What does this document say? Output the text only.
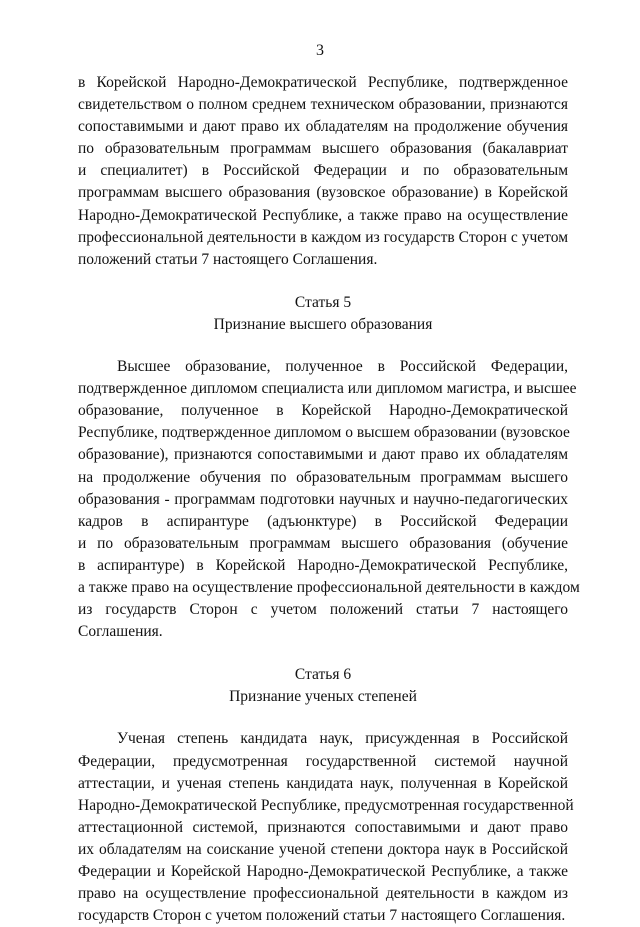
3
в Корейской Народно-Демократической Республике, подтвержденное
свидетельством о полном среднем техническом образовании, признаются
сопоставимыми и дают право их обладателям на продолжение обучения
по образовательным программам высшего образования (бакалавриат
и специалитет) в Российской Федерации и по образовательным
программам высшего образования (вузовское образование) в Корейской
Народно-Демократической Республике, а также право на осуществление
профессиональной деятельности в каждом из государств Сторон с учетом
положений статьи 7 настоящего Соглашения.
Статья 5
Признание высшего образования
Высшее образование, полученное в Российской Федерации,
подтвержденное дипломом специалиста или дипломом магистра, и высшее
образование, полученное в Корейской Народно-Демократической
Республике, подтвержденное дипломом о высшем образовании (вузовское
образование), признаются сопоставимыми и дают право их обладателям
на продолжение обучения по образовательным программам высшего
образования - программам подготовки научных и научно-педагогических
кадров в аспирантуре (адъюнктуре) в Российской Федерации
и по образовательным программам высшего образования (обучение
в аспирантуре) в Корейской Народно-Демократической Республике,
а также право на осуществление профессиональной деятельности в каждом
из государств Сторон с учетом положений статьи 7 настоящего
Соглашения.
Статья 6
Признание ученых степеней
Ученая степень кандидата наук, присужденная в Российской
Федерации, предусмотренная государственной системой научной
аттестации, и ученая степень кандидата наук, полученная в Корейской
Народно-Демократической Республике, предусмотренная государственной
аттестационной системой, признаются сопоставимыми и дают право
их обладателям на соискание ученой степени доктора наук в Российской
Федерации и Корейской Народно-Демократической Республике, а также
право на осуществление профессиональной деятельности в каждом из
государств Сторон с учетом положений статьи 7 настоящего Соглашения.
